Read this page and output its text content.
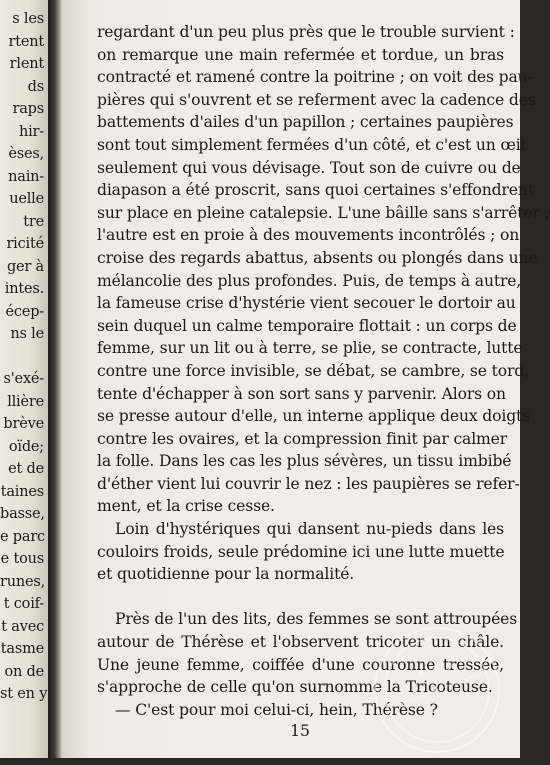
s les
rtent
rlent
ds
raps
hir-
èses,
nain-
uelle
tre
ricité
ger à
intes.
écep-
ns le
s'exé-
llière
brève
oïde;
et de
taines
basse,
e parc
e tous
runes,
t coif-
t avec
tasme
on de
st en y
regardant d'un peu plus près que le trouble survient :
on remarque une main refermée et tordue, un bras
contracté et ramené contre la poitrine ; on voit des pau-
pières qui s'ouvrent et se referment avec la cadence des
battements d'ailes d'un papillon ; certaines paupières
sont tout simplement fermées d'un côté, et c'est un œil
seulement qui vous dévisage. Tout son de cuivre ou de
diapason a été proscrit, sans quoi certaines s'effondrent
sur place en pleine catalepsie. L'une bâille sans s'arrêter ;
l'autre est en proie à des mouvements incontrôlés ; on
croise des regards abattus, absents ou plongés dans une
mélancolie des plus profondes. Puis, de temps à autre,
la fameuse crise d'hystérie vient secouer le dortoir au
sein duquel un calme temporaire flottait : un corps de
femme, sur un lit ou à terre, se plie, se contracte, lutte
contre une force invisible, se débat, se cambre, se tord,
tente d'échapper à son sort sans y parvenir. Alors on
se presse autour d'elle, un interne applique deux doigts
contre les ovaires, et la compression finit par calmer
la folle. Dans les cas les plus sévères, un tissu imbibé
d'éther vient lui couvrir le nez : les paupières se refer-
ment, et la crise cesse.
Loin d'hystériques qui dansent nu-pieds dans les
couloirs froids, seule prédomine ici une lutte muette
et quotidienne pour la normalité.
Près de l'un des lits, des femmes se sont attroupées
autour de Thérèse et l'observent tricoter un châle.
Une jeune femme, coiffée d'une couronne tressée,
s'approche de celle qu'on surnomme la Tricoteuse.
— C'est pour moi celui-ci, hein, Thérèse ?
15
